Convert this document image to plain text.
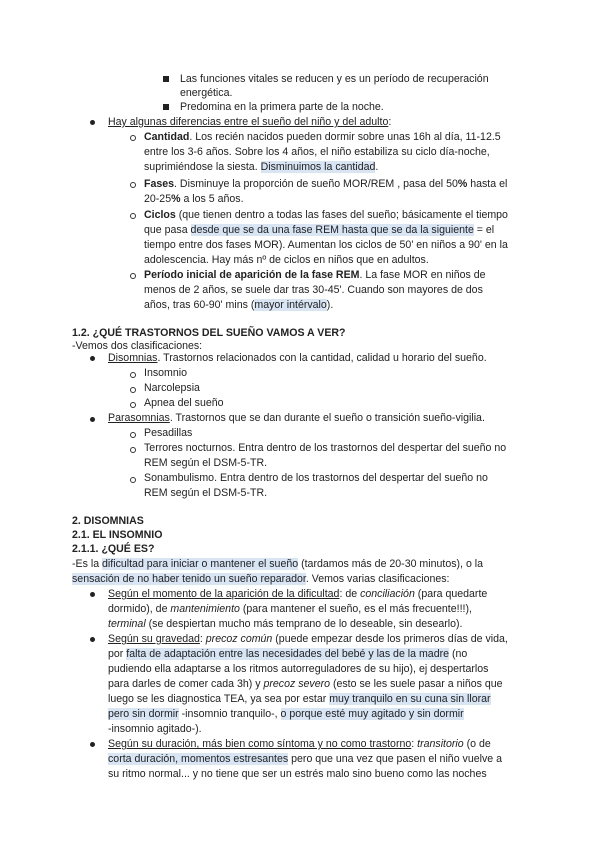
Las funciones vitales se reducen y es un período de recuperación
energética.
Predomina en la primera parte de la noche.
Hay algunas diferencias entre el sueño del niño y del adulto:
Cantidad. Los recién nacidos pueden dormir sobre unas 16h al día, 11-12.5
entre los 3-6 años. Sobre los 4 años, el niño estabiliza su ciclo día-noche,
suprimiéndose la siesta. Disminuimos la cantidad.
Fases. Disminuye la proporción de sueño MOR/REM , pasa del 50% hasta el
20-25% a los 5 años.
Ciclos (que tienen dentro a todas las fases del sueño; básicamente el tiempo
que pasa desde que se da una fase REM hasta que se da la siguiente = el
tiempo entre dos fases MOR). Aumentan los ciclos de 50' en niños a 90' en la
adolescencia. Hay más nº de ciclos en niños que en adultos.
Período inicial de aparición de la fase REM. La fase MOR en niños de
menos de 2 años, se suele dar tras 30-45'. Cuando son mayores de dos
años, tras 60-90' mins (mayor intérvalo).
1.2. ¿QUÉ TRASTORNOS DEL SUEÑO VAMOS A VER?
-Vemos dos clasificaciones:
Disomnias. Trastornos relacionados con la cantidad, calidad u horario del sueño.
Insomnio
Narcolepsia
Apnea del sueño
Parasomnias. Trastornos que se dan durante el sueño o transición sueño-vigilia.
Pesadillas
Terrores nocturnos. Entra dentro de los trastornos del despertar del sueño no
REM según el DSM-5-TR.
Sonambulismo. Entra dentro de los trastornos del despertar del sueño no
REM según el DSM-5-TR.
2. DISOMNIAS
2.1. EL INSOMNIO
2.1.1. ¿QUÉ ES?
-Es la dificultad para iniciar o mantener el sueño (tardamos más de 20-30 minutos), o la
sensación de no haber tenido un sueño reparador. Vemos varias clasificaciones:
Según el momento de la aparición de la dificultad: de conciliación (para quedarte
dormido), de mantenimiento (para mantener el sueño, es el más frecuente!!!),
terminal (se despiertan mucho más temprano de lo deseable, sin desearlo).
Según su gravedad: precoz común (puede empezar desde los primeros días de vida,
por falta de adaptación entre las necesidades del bebé y las de la madre (no
pudiendo ella adaptarse a los ritmos autorreguladores de su hijo), ej despertarlos
para darles de comer cada 3h) y precoz severo (esto se les suele pasar a niños que
luego se les diagnostica TEA, ya sea por estar muy tranquilo en su cuna sin llorar
pero sin dormir -insomnio tranquilo-, o porque esté muy agitado y sin dormir
-insomnio agitado-).
Según su duración, más bien como síntoma y no como trastorno: transitorio (o de
corta duración, momentos estresantes pero que una vez que pasen el niño vuelve a
su ritmo normal... y no tiene que ser un estrés malo sino bueno como las noches
